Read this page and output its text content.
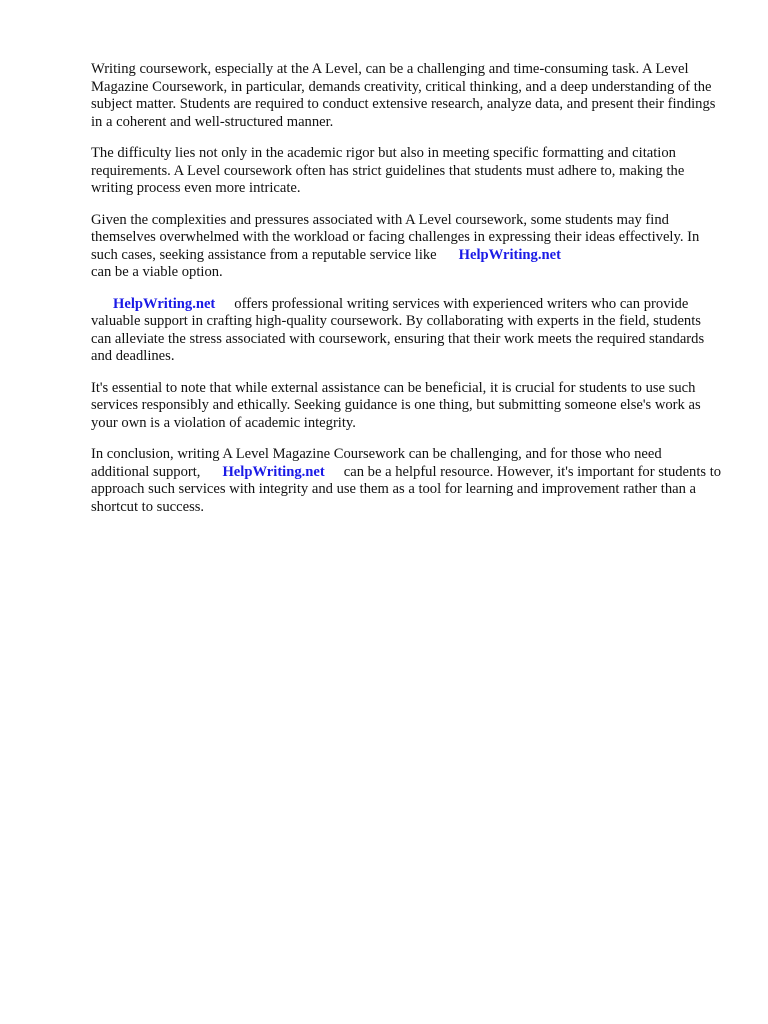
Writing coursework, especially at the A Level, can be a challenging and time-consuming task. A Level Magazine Coursework, in particular, demands creativity, critical thinking, and a deep understanding of the subject matter. Students are required to conduct extensive research, analyze data, and present their findings in a coherent and well-structured manner.

The difficulty lies not only in the academic rigor but also in meeting specific formatting and citation requirements. A Level coursework often has strict guidelines that students must adhere to, making the writing process even more intricate.

Given the complexities and pressures associated with A Level coursework, some students may find themselves overwhelmed with the workload or facing challenges in expressing their ideas effectively. In such cases, seeking assistance from a reputable service like HelpWriting.net
can be a viable option.

HelpWriting.net offers professional writing services with experienced writers who can provide valuable support in crafting high-quality coursework. By collaborating with experts in the field, students can alleviate the stress associated with coursework, ensuring that their work meets the required standards and deadlines.

It's essential to note that while external assistance can be beneficial, it is crucial for students to use such services responsibly and ethically. Seeking guidance is one thing, but submitting someone else's work as your own is a violation of academic integrity.

In conclusion, writing A Level Magazine Coursework can be challenging, and for those who need additional support, HelpWriting.net can be a helpful resource. However, it's important for students to approach such services with integrity and use them as a tool for learning and improvement rather than a shortcut to success.
